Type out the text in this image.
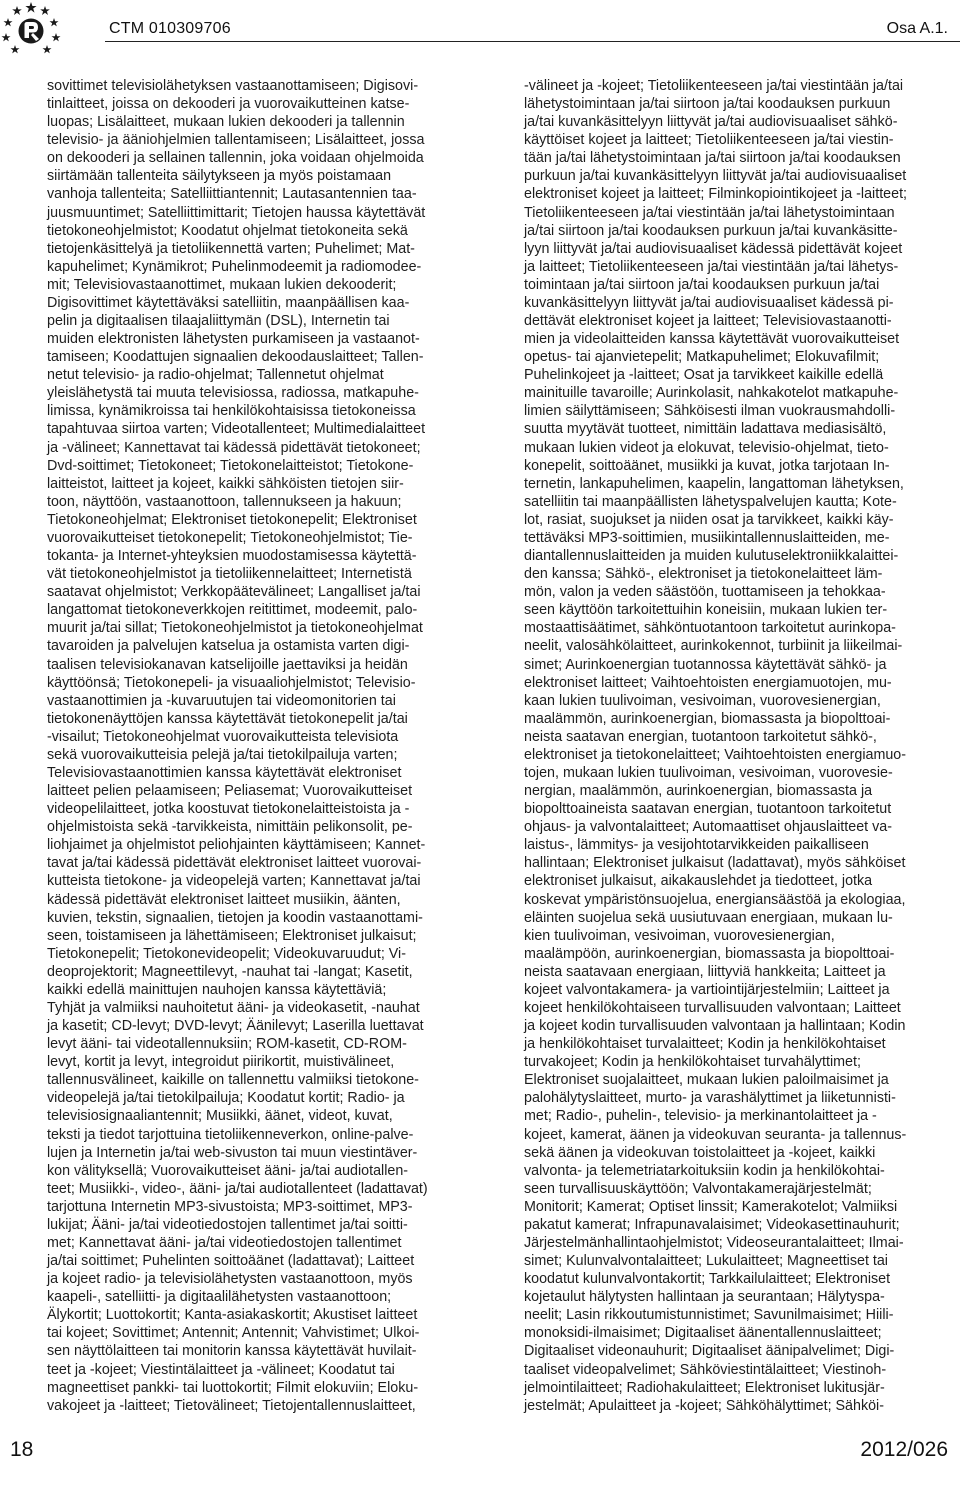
CTM 010309706	Osa A.1.
sovittimet televisiolähetyksen vastaanottamiseen; Digisovi-
tinlaitteet, joissa on dekooderi ja vuorovaikutteinen katse-
luopas; Lisälaitteet, mukaan lukien dekooderi ja tallennin
televisio- ja ääniohjelmien tallentamiseen; Lisälaitteet, jossa
on dekooderi ja sellainen tallennin, joka voidaan ohjelmoida
siirtämään tallenteita säilytykseen ja myös poistamaan
vanhoja tallenteita; Satelliittiantennit; Lautasantennien taa-
juusmuuntimet; Satelliittimittarit; Tietojen haussa käytettävät
tietokoneohjelmistot; Koodatut ohjelmat tietokoneita sekä
tietojenkäsittelyä ja tietoliikennettä varten; Puhelimet; Mat-
kapuhelimet; Kynämikrot; Puhelinmodeemit ja radiomodee-
mit; Televisiovastaanottimet, mukaan lukien dekooderit;
Digisovittimet käytettäväksi satelliitin, maanpäällisen kaa-
pelin ja digitaalisen tilaajaliittymän (DSL), Internetin tai
muiden elektronisten lähetysten purkamiseen ja vastaanot-
tamiseen; Koodattujen signaalien dekoodauslaitteet; Tallen-
netut televisio- ja radio-ohjelmat; Tallennetut ohjelmat
yleislähetystä tai muuta televisiossa, radiossa, matkapuhe-
limissa, kynämikroissa tai henkilökohtaisissa tietokoneissa
tapahtuvaa siirtoa varten; Videotallenteet; Multimedialaitteet
ja -välineet; Kannettavat tai kädessä pidettävät tietokoneet;
Dvd-soittimet; Tietokoneet; Tietokonelaitteistot; Tietokone-
laitteistot, laitteet ja kojeet, kaikki sähköisten tietojen siir-
toon, näyttöön, vastaanottoon, tallennukseen ja hakuun;
Tietokoneohjelmat; Elektroniset tietokonepelit; Elektroniset
vuorovaikutteiset tietokonepelit; Tietokoneohjelmistot; Tie-
tokanta- ja Internet-yhteyksien muodostamisessa käytettä-
vät tietokoneohjelmistot ja tietoliikennelaitteet; Internetistä
saatavat ohjelmistot; Verkkopäätevälineet; Langalliset ja/tai
langattomat tietokoneverkkojen reitittimet, modeemit, palo-
muurit ja/tai sillat; Tietokoneohjelmistot ja tietokoneohjelmat
tavaroiden ja palvelujen katselua ja ostamista varten digi-
taalisen televisiokanavan katselijoille jaettaviksi ja heidän
käyttöönsä; Tietokonepeli- ja visuaaliohjelmistot; Televisio-
vastaanottimien ja -kuvaruutujen tai videomonitorien tai
tietokonenäyttöjen kanssa käytettävät tietokonepelit ja/tai
-visailut; Tietokoneohjelmat vuorovaikutteista televisiota
sekä vuorovaikutteisia pelejä ja/tai tietokilpailuja varten;
Televisiovastaanottimien kanssa käytettävät elektroniset
laitteet pelien pelaamiseen; Peliasemat; Vuorovaikutteiset
videopelilaitteet, jotka koostuvat tietokonelaitteistoista ja -
ohjelmistoista sekä -tarvikkeista, nimittäin pelikonsolit, pe-
liohjaimet ja ohjelmistot peliohjainten käyttämiseen; Kannet-
tavat ja/tai kädessä pidettävät elektroniset laitteet vuorovai-
kutteista tietokone- ja videopelejä varten; Kannettavat ja/tai
kädessä pidettävät elektroniset laitteet musiikin, äänten,
kuvien, tekstin, signaalien, tietojen ja koodin vastaanottami-
seen, toistamiseen ja lähettämiseen; Elektroniset julkaisut;
Tietokonepelit; Tietokonevideopelit; Videokuvaruudut; Vi-
deoprojektorit; Magneettilevyt, -nauhat tai -langat; Kasetit,
kaikki edellä mainittujen nauhojen kanssa käytettäviä;
Tyhjät ja valmiiksi nauhoitetut ääni- ja videokasetit, -nauhat
ja kasetit; CD-levyt; DVD-levyt; Äänilevyt; Laserilla luettavat
levyt ääni- tai videotallennuksiin; ROM-kasetit, CD-ROM-
levyt, kortit ja levyt, integroidut piirikortit, muistivälineet,
tallennusvälineet, kaikille on tallennettu valmiiksi tietokone-
videopelejä ja/tai tietokilpailuja; Koodatut kortit; Radio- ja
televisiosignaaliantennit; Musiikki, äänet, videot, kuvat,
teksti ja tiedot tarjottuina tietoliikenneverkon, online-palve-
lujen ja Internetin ja/tai web-sivuston tai muun viestintäver-
kon välityksellä; Vuorovaikutteiset ääni- ja/tai audiotallen-
teet; Musiikki-, video-, ääni- ja/tai audiotallenteet (ladattavat)
tarjottuna Internetin MP3-sivustoista; MP3-soittimet, MP3-
lukijat; Ääni- ja/tai videotiedostojen tallentimet ja/tai soitti-
met; Kannettavat ääni- ja/tai videotiedostojen tallentimet
ja/tai soittimet; Puhelinten soittoäänet (ladattavat); Laitteet
ja kojeet radio- ja televisiolähetysten vastaanottoon, myös
kaapeli-, satelliitti- ja digitaalilähetysten vastaanottoon;
Älykortit; Luottokortit; Kanta-asiakaskortit; Akustiset laitteet
tai kojeet; Sovittimet; Antennit; Antennit; Vahvistimet; Ulkoi-
sen näyttölaitteen tai monitorin kanssa käytettävät huvilait-
teet ja -kojeet; Viestintälaitteet ja -välineet; Koodatut tai
magneettiset pankki- tai luottokortit; Filmit elokuviin; Eloku-
vakojeet ja -laitteet; Tietovälineet; Tietojentallennuslaitteet,
-välineet ja -kojeet; Tietoliikenteeseen ja/tai viestintään ja/tai
lähetystoimintaan ja/tai siirtoon ja/tai koodauksen purkuun
ja/tai kuvankäsittelyyn liittyvät ja/tai audiovisuaaliset sähkö-
käyttöiset kojeet ja laitteet; Tietoliikenteeseen ja/tai viestin-
tään ja/tai lähetystoimintaan ja/tai siirtoon ja/tai koodauksen
purkuun ja/tai kuvankäsittelyyn liittyvät ja/tai audiovisuaaliset
elektroniset kojeet ja laitteet; Filminkopiointikojeet ja -laitteet;
Tietoliikenteeseen ja/tai viestintään ja/tai lähetystoimintaan
ja/tai siirtoon ja/tai koodauksen purkuun ja/tai kuvankäsitte-
lyyn liittyvät ja/tai audiovisuaaliset kädessä pidettävät kojeet
ja laitteet; Tietoliikenteeseen ja/tai viestintään ja/tai lähetys-
toimintaan ja/tai siirtoon ja/tai koodauksen purkuun ja/tai
kuvankäsittelyyn liittyvät ja/tai audiovisuaaliset kädessä pi-
dettävät elektroniset kojeet ja laitteet; Televisiovastaanotti-
mien ja videolaitteiden kanssa käytettävät vuorovaikutteiset
opetus- tai ajanvietepelit; Matkapuhelimet; Elokuvafilmit;
Puhelinkojeet ja -laitteet; Osat ja tarvikkeet kaikille edellä
mainituille tavaroille; Aurinkolasit, nahkakotelot matkapuhe-
limien säilyttämiseen; Sähköisesti ilman vuokrausmahdolli-
suutta myytävät tuotteet, nimittäin ladattava mediasisältö,
mukaan lukien videot ja elokuvat, televisio-ohjelmat, tieto-
konepelit, soittoäänet, musiikki ja kuvat, jotka tarjotaan In-
ternetin, lankapuhelimen, kaapelin, langattoman lähetyksen,
satelliitin tai maanpäällisten lähetyspalvelujen kautta; Kote-
lot, rasiat, suojukset ja niiden osat ja tarvikkeet, kaikki käy-
tettäväksi MP3-soittimien, musiikintallennuslaitteiden, me-
diantallennuslaitteiden ja muiden kulutuselektroniikkalaittei-
den kanssa; Sähkö-, elektroniset ja tietokonelaitteet läm-
mön, valon ja veden säästöön, tuottamiseen ja tehokkaa-
seen käyttöön tarkoitettuihin koneisiin, mukaan lukien ter-
mostaattisäätimet, sähköntuotantoon tarkoitetut aurinkopa-
neelit, valosähkölaitteet, aurinkokennot, turbiinit ja liikeilmai-
simet; Aurinkoenergian tuotannossa käytettävät sähkö- ja
elektroniset laitteet; Vaihtoehtoisten energiamuotojen, mu-
kaan lukien tuulivoiman, vesivoiman, vuorovesienergian,
maalämmön, aurinkoenergian, biomassasta ja biopolttoai-
neista saatavan energian, tuotantoon tarkoitetut sähkö-,
elektroniset ja tietokonelaitteet; Vaihtoehtoisten energiamuo-
tojen, mukaan lukien tuulivoiman, vesivoiman, vuorovesie-
nergian, maalämmön, aurinkoenergian, biomassasta ja
biopolttoaineista saatavan energian, tuotantoon tarkoitetut
ohjaus- ja valvontalaitteet; Automaattiset ohjauslaitteet va-
laistus-, lämmitys- ja vesijohtotarvikkeiden paikalliseen
hallintaan; Elektroniset julkaisut (ladattavat), myös sähköiset
elektroniset julkaisut, aikakauslehdet ja tiedotteet, jotka
koskevat ympäristönsuojelua, energiansäästöä ja ekologiaa,
eläinten suojelua sekä uusiutuvaan energiaan, mukaan lu-
kien tuulivoiman, vesivoiman, vuorovesienergian,
maalämpöön, aurinkoenergian, biomassasta ja biopolttoai-
neista saatavaan energiaan, liittyviä hankkeita; Laitteet ja
kojeet valvontakamera- ja vartiointijärjestelmiin; Laitteet ja
kojeet henkilökohtaiseen turvallisuuden valvontaan; Laitteet
ja kojeet kodin turvallisuuden valvontaan ja hallintaan; Kodin
ja henkilökohtaiset turvalaitteet; Kodin ja henkilökohtaiset
turvakojeet; Kodin ja henkilökohtaiset turvahälyttimet;
Elektroniset suojalaitteet, mukaan lukien paloilmaisimet ja
palohälytyslaitteet, murto- ja varashälyttimet ja liiketunnisti-
met; Radio-, puhelin-, televisio- ja merkinantolaitteet ja -
kojeet, kamerat, äänen ja videokuvan seuranta- ja tallennus-
sekä äänen ja videokuvan toistolaitteet ja -kojeet, kaikki
valvonta- ja telemetriatarkoituksiin kodin ja henkilökohtai-
seen turvallisuuskäyttöön; Valvontakamerajärjestelmät;
Monitorit; Kamerat; Optiset linssit; Kamerakotelot; Valmiiksi
pakatut kamerat; Infrapunavalaisimet; Videokasettinauhurit;
Järjestelmänhallintaohjelmistot; Videoseurantalaitteet; Ilmai-
simet; Kulunvalvontalaitteet; Lukulaitteet; Magneettiset tai
koodatut kulunvalvontakortit; Tarkkailulaitteet; Elektroniset
kojetaulut hälytysten hallintaan ja seurantaan; Hälytyspa-
neelit; Lasin rikkoutumistunnistimet; Savunilmaisimet; Hiili-
monoksidi-ilmaisimet; Digitaaliset äänentallennuslaitteet;
Digitaaliset videonauhurit; Digitaaliset äänipalvelimet; Digi-
taaliset videopalvelimet; Sähköviestintälaitteet; Viestinoh-
jelmointilaitteet; Radiohakulaitteet; Elektroniset lukitusjär-
jestelmät; Apulaitteet ja -kojeet; Sähköhälyttimet; Sähköi-
18	2012/026
